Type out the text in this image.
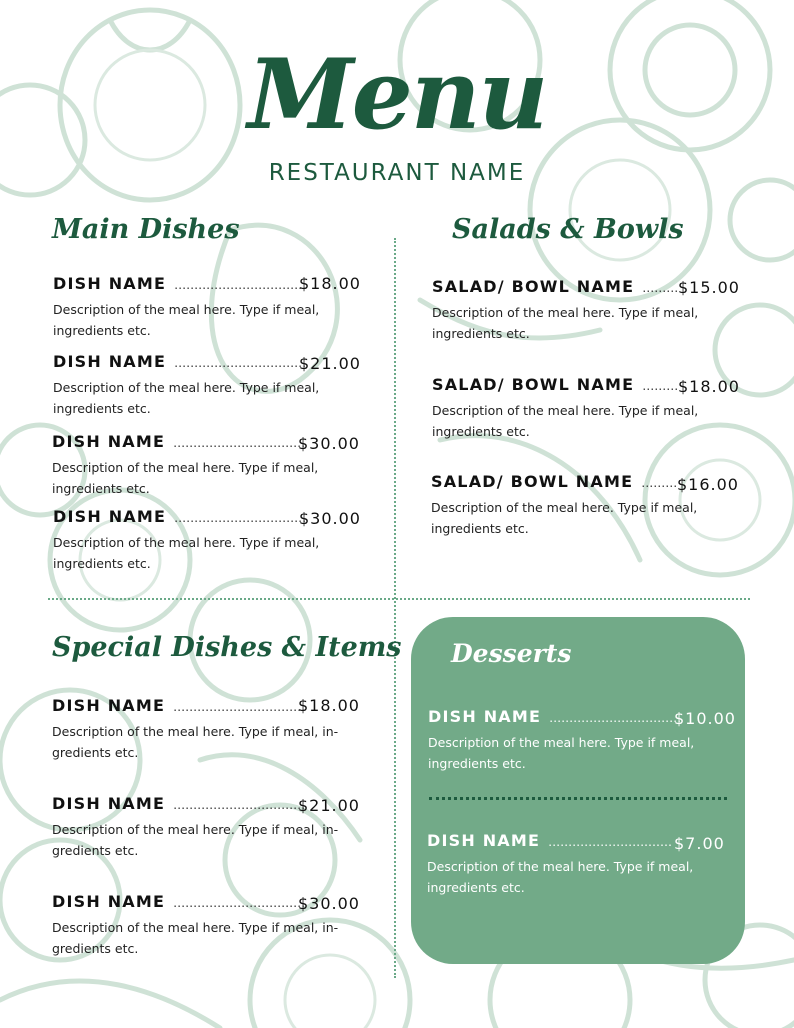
Menu
RESTAURANT NAME
Main Dishes
DISH NAME ……………………………
$18.00
Description of the meal here. Type if meal,
ingredients etc.
DISH NAME ……………………………
$21.00
Description of the meal here. Type if meal,
ingredients etc.
DISH NAME ……………………………
$30.00
Description of the meal here. Type if meal,
ingredients etc.
DISH NAME ……………………………
$30.00
Description of the meal here. Type if meal,
ingredients etc.
Salads & Bowls
SALAD/ BOWL NAME ……… $15.00
Description of the meal here. Type if meal,
ingredients etc.
SALAD/ BOWL NAME ……… $18.00
Description of the meal here. Type if meal,
ingredients etc.
SALAD/ BOWL NAME ……… $16.00
Description of the meal here. Type if meal,
ingredients etc.
Special Dishes & Items
DISH NAME ……………………………
$18.00
Description of the meal here. Type if meal, in-
gredients etc.
DISH NAME ……………………………
$21.00
Description of the meal here. Type if meal, in-
gredients etc.
DISH NAME ……………………………
$30.00
Description of the meal here. Type if meal, in-
gredients etc.
Desserts
DISH NAME ……………………………
$10.00
Description of the meal here. Type if meal,
ingredients etc.
DISH NAME …………………….…… $7.00
Description of the meal here. Type if meal,
ingredients etc.
